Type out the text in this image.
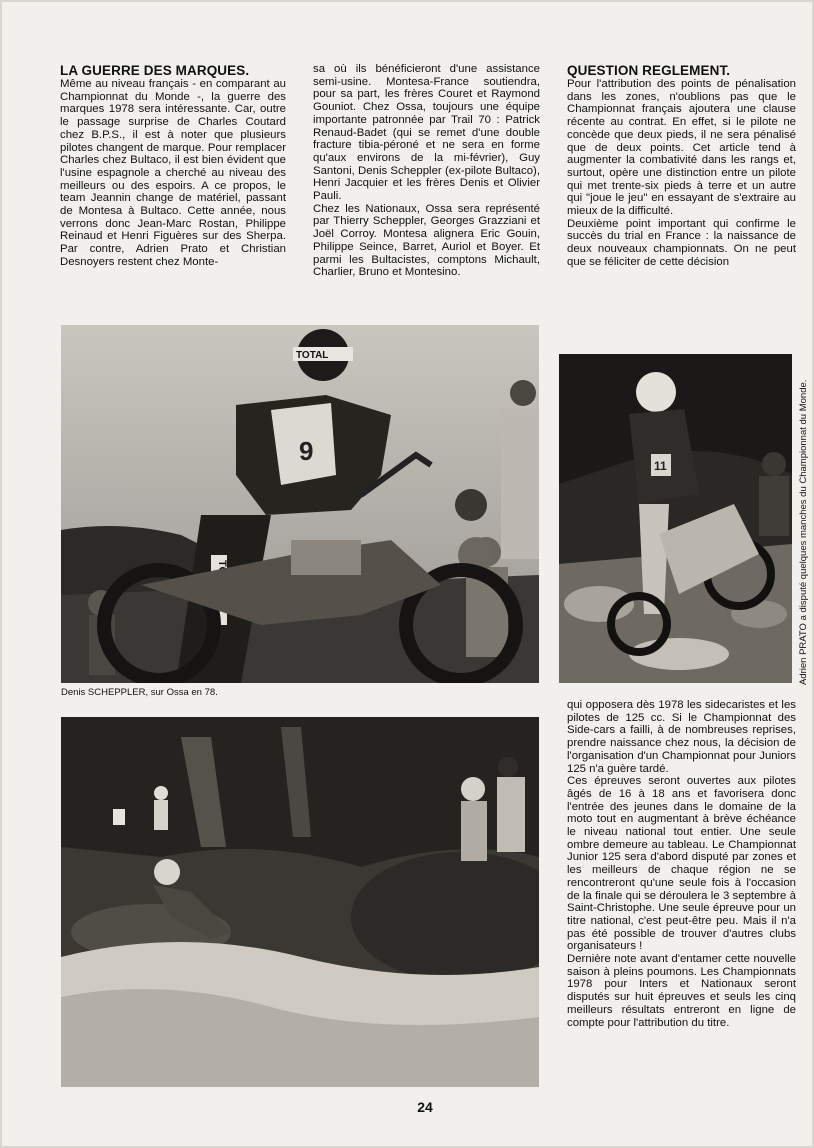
LA GUERRE DES MARQUES.

Même au niveau français - en comparant au Championnat du Monde -, la guerre des marques 1978 sera intéressante. Car, outre le passage surprise de Charles Coutard chez B.P.S., il est à noter que plusieurs pilotes changent de marque. Pour remplacer Charles chez Bultaco, il est bien évident que l'usine espagnole a cherché au niveau des meilleurs ou des espoirs. A ce propos, le team Jeannin change de matériel, passant de Montesa à Bultaco. Cette année, nous verrons donc Jean-Marc Rostan, Philippe Reinaud et Henri Figuères sur des Sherpa. Par contre, Adrien Prato et Christian Desnoyers restent chez Monte-

sa où ils bénéficieront d'une assistance semi-usine. Montesa-France soutiendra, pour sa part, les frères Couret et Raymond Gouniot. Chez Ossa, toujours une équipe importante patronnée par Trail 70 : Patrick Renaud-Badet (qui se remet d'une double fracture tibia-péroné et ne sera en forme qu'aux environs de la mi-février), Guy Santoni, Denis Scheppler (ex-pilote Bultaco), Henri Jacquier et les frères Denis et Olivier Pauli.

Chez les Nationaux, Ossa sera représenté par Thierry Scheppler, Georges Grazziani et Joël Corroy. Montesa alignera Eric Gouin, Philippe Seince, Barret, Auriol et Boyer. Et parmi les Bultacistes, comptons Michault, Charlier, Bruno et Montesino.

QUESTION REGLEMENT.

Pour l'attribution des points de pénalisation dans les zones, n'oublions pas que le Championnat français ajoutera une clause récente au contrat. En effet, si le pilote ne concède que deux pieds, il ne sera pénalisé que de deux points. Cet article tend à augmenter la combativité dans les rangs et, surtout, opère une distinction entre un pilote qui met trente-six pieds à terre et un autre qui "joue le jeu" en essayant de s'extraire au mieux de la difficulté.

Deuxième point important qui confirme le succès du trial en France : la naissance de deux nouveaux championnats. On ne peut que se féliciter de cette décision

TOTAL
9
Denis SCHEPPLER, sur Ossa en 78.
11	Adrien PRATO a disputé quelques manches du Championnat du Monde.

qui opposera dès 1978 les sidecaristes et les pilotes de 125 cc. Si le Championnat des Side-cars a failli, à de nombreuses reprises, prendre naissance chez nous, la décision de l'organisation d'un Championnat pour Juniors 125 n'a guère tardé.

Ces épreuves seront ouvertes aux pilotes âgés de 16 à 18 ans et favorisera donc l'entrée des jeunes dans le domaine de la moto tout en augmentant à brève échéance le niveau national tout entier. Une seule ombre demeure au tableau. Le Championnat Junior 125 sera d'abord disputé par zones et les meilleurs de chaque région ne se rencontreront qu'une seule fois à l'occasion de la finale qui se déroulera le 3 septembre à Saint-Christophe. Une seule épreuve pour un titre national, c'est peut-être peu. Mais il n'a pas été possible de trouver d'autres clubs organisateurs !

Dernière note avant d'entamer cette nouvelle saison à pleins poumons. Les Championnats 1978 pour Inters et Nationaux seront disputés sur huit épreuves et seuls les cinq meilleurs résultats entreront en ligne de compte pour l'attribution du titre.

24
